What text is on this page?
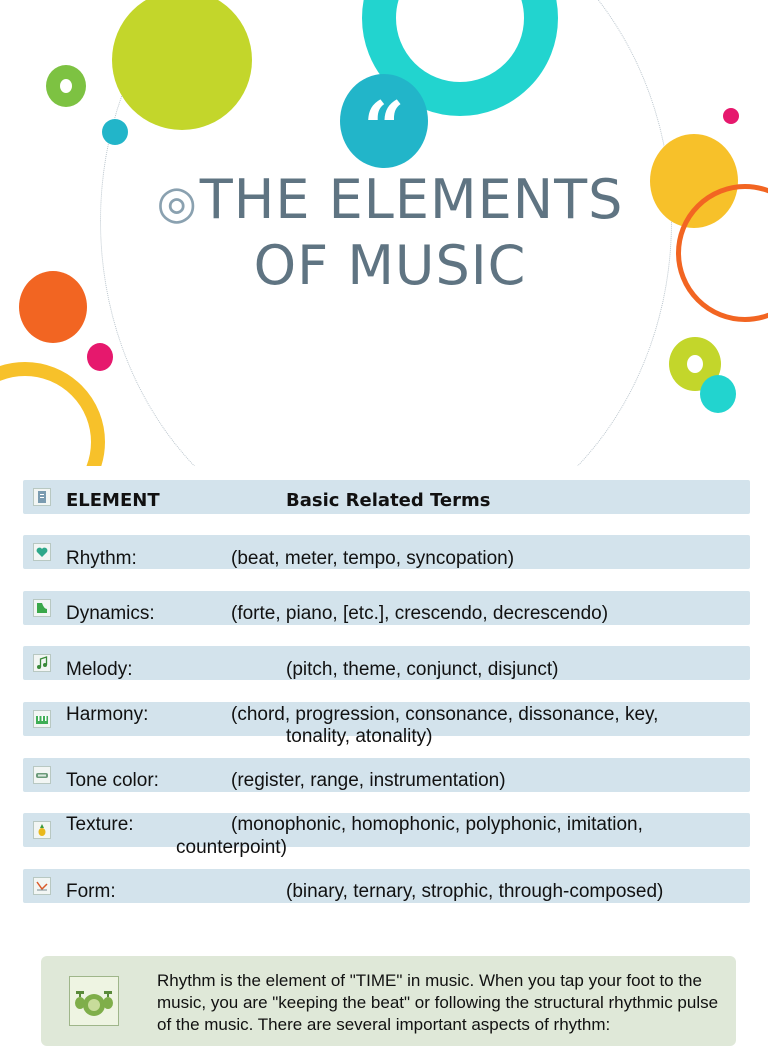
“
◎THE ELEMENTS
OF MUSIC
ELEMENT	Basic Related Terms
Rhythm:	(beat, meter, tempo, syncopation)
Dynamics:	(forte, piano, [etc.], crescendo, decrescendo)
Melody:	(pitch, theme, conjunct, disjunct)
Harmony:	(chord, progression, consonance, dissonance, key,
tonality, atonality)
Tone color:	(register, range, instrumentation)
Texture:	(monophonic, homophonic, polyphonic, imitation,
counterpoint)
Form:	(binary, ternary, strophic, through-composed)
Rhythm is the element of "TIME" in music. When you tap your foot to the music, you are "keeping the beat" or following the structural rhythmic pulse of the music. There are several important aspects of rhythm:
